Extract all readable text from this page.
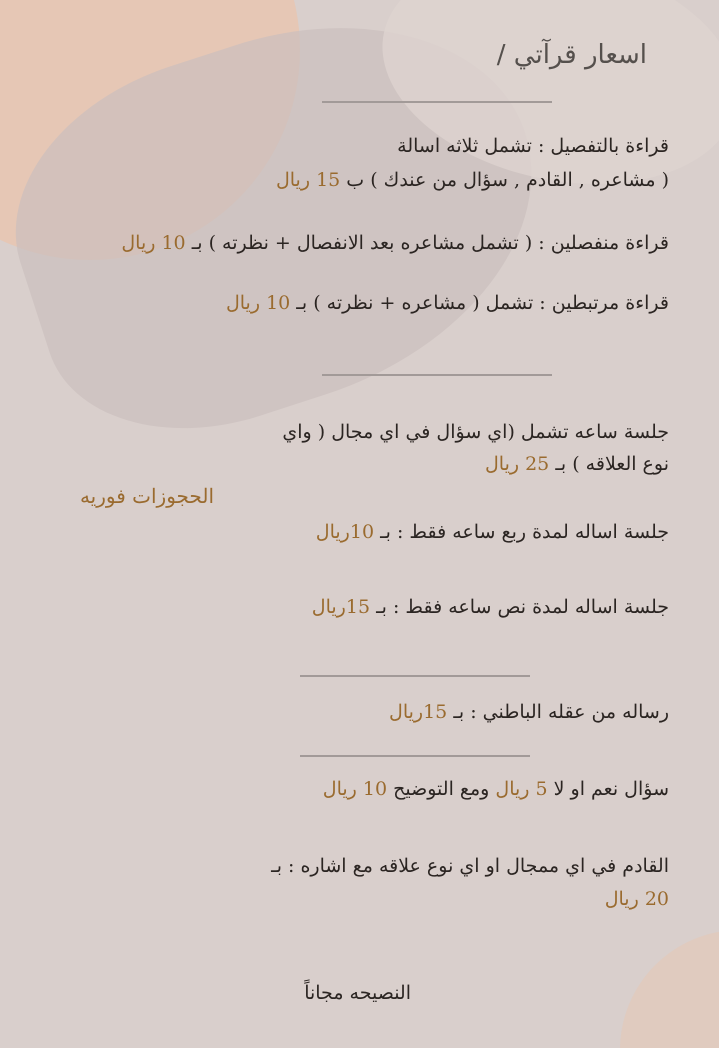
اسعار قرآتي /
قراءة بالتفصيل : تشمل ثلاثه اسالة
( مشاعره , القادم , سؤال من عندك ) ب 15 ريال
قراءة منفصلين : ( تشمل مشاعره بعد الانفصال + نظرته ) بـ 10 ريال
قراءة مرتبطين : تشمل ( مشاعره + نظرته ) بـ 10 ريال
جلسة ساعه تشمل (اي سؤال في اي مجال ( واي
نوع العلاقه ) بـ 25 ريال
الحجوزات فوريه
جلسة اساله لمدة ربع ساعه فقط : بـ 10ريال
جلسة اساله لمدة نص ساعه فقط : بـ 15ريال
رساله من عقله الباطني : بـ 15ريال
سؤال نعم او لا 5 ريال ومع التوضيح 10 ريال
القادم في اي ممجال او اي نوع علاقه مع اشاره : بـ
20 ريال
النصيحه مجاناً
